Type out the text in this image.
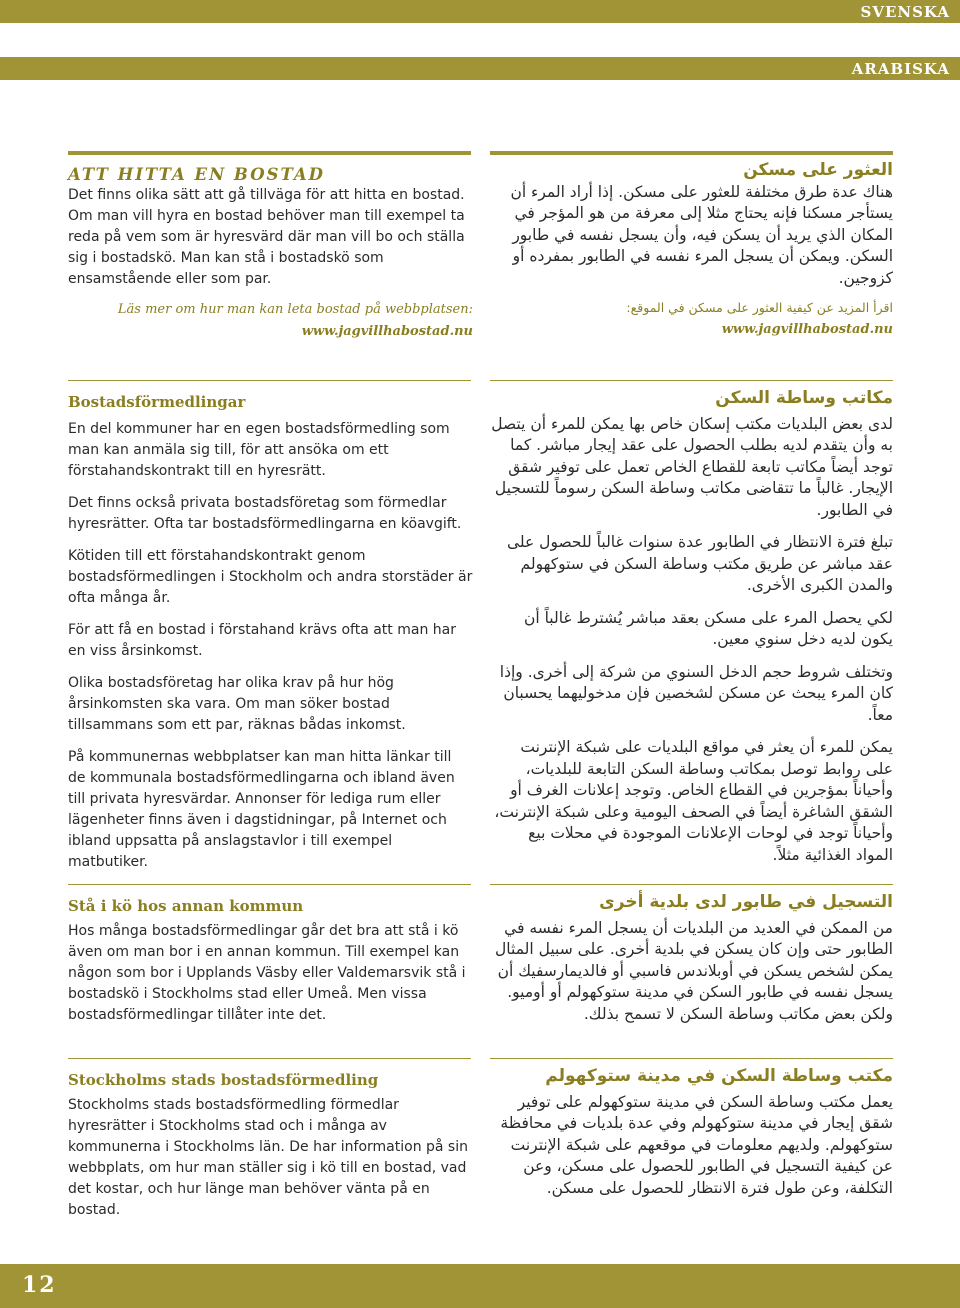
SVENSKA
ARABISKA
ATT HITTA EN BOSTAD

Det finns olika sätt att gå tillväga för att hitta en bostad. Om man vill hyra en bostad behöver man till exempel ta reda på vem som är hyresvärd där man vill bo och ställa sig i bostadskö. Man kan stå i bostadskö som ensamstående eller som par.

Läs mer om hur man kan leta bostad på webbplatsen:

www.jagvillhabostad.nu

العثور على مسكن

هناك عدة طرق مختلفة للعثور على مسكن. إذا أراد المرء أن يستأجر مسكنا فإنه يحتاج مثلا إلى معرفة من هو المؤجر في المكان الذي يريد أن يسكن فيه، وأن يسجل نفسه في طابور السكن. ويمكن أن يسجل المرء نفسه في الطابور بمفرده أو كزوجين.

اقرأ المزيد عن كيفية العثور على مسكن في الموقع:

www.jagvillhabostad.nu

Bostadsförmedlingar

En del kommuner har en egen bostadsförmedling som man kan anmäla sig till, för att ansöka om ett förstahandskontrakt till en hyresrätt.

Det finns också privata bostadsföretag som förmedlar hyresrätter. Ofta tar bostadsförmedlingarna en köavgift.

Kötiden till ett förstahandskontrakt genom bostadsförmedlingen i Stockholm och andra storstäder är ofta många år.

För att få en bostad i förstahand krävs ofta att man har en viss årsinkomst.

Olika bostadsföretag har olika krav på hur hög årsinkomsten ska vara. Om man söker bostad tillsammans som ett par, räknas bådas inkomst.

På kommunernas webbplatser kan man hitta länkar till de kommunala bostadsförmedlingarna och ibland även till privata hyresvärdar. Annonser för lediga rum eller lägenheter finns även i dagstidningar, på Internet och ibland uppsatta på anslagstavlor i till exempel matbutiker.

مكاتب وساطة السكن

لدى بعض البلديات مكتب إسكان خاص بها يمكن للمرء أن يتصل به وأن يتقدم لديه بطلب الحصول على عقد إيجار مباشر. كما توجد أيضاً مكاتب تابعة للقطاع الخاص تعمل على توفير شقق الإيجار. غالباً ما تتقاضى مكاتب وساطة السكن رسوماً للتسجيل في الطابور.

تبلغ فترة الانتظار في الطابور عدة سنوات غالباً للحصول على عقد مباشر عن طريق مكتب وساطة السكن في ستوكهولم والمدن الكبرى الأخرى.

لكي يحصل المرء على مسكن بعقد مباشر يُشترط غالباً أن يكون لديه دخل سنوي معين.

وتختلف شروط حجم الدخل السنوي من شركة إلى أخرى. وإذا كان المرء يبحث عن مسكن لشخصين فإن مدخوليهما يحسبان معاً.

يمكن للمرء أن يعثر في مواقع البلديات على شبكة الإنترنت على روابط توصل بمكاتب وساطة السكن التابعة للبلديات، وأحياناً بمؤجرين في القطاع الخاص. وتوجد إعلانات الغرف أو الشقق الشاغرة أيضاً في الصحف اليومية وعلى شبكة الإنترنت، وأحياناً توجد في لوحات الإعلانات الموجودة في محلات بيع المواد الغذائية مثلاً.

Stå i kö hos annan kommun

Hos många bostadsförmedlingar går det bra att stå i kö även om man bor i en annan kommun. Till exempel kan någon som bor i Upplands Väsby eller Valdemarsvik stå i bostadskö i Stockholms stad eller Umeå. Men vissa bostadsförmedlingar tillåter inte det.

التسجيل في طابور لدى بلدية أخرى

من الممكن في العديد من البلديات أن يسجل المرء نفسه في الطابور حتى وإن كان يسكن في بلدية أخرى. على سبيل المثال يمكن لشخص يسكن في أوبلاندس فاسبي أو فالديمارسفيك أن يسجل نفسه في طابور السكن في مدينة ستوكهولم أو أوميو. ولكن بعض مكاتب وساطة السكن لا تسمح بذلك.

Stockholms stads bostadsförmedling

Stockholms stads bostadsförmedling förmedlar hyresrätter i Stockholms stad och i många av kommunerna i Stockholms län. De har information på sin webbplats, om hur man ställer sig i kö till en bostad, vad det kostar, och hur länge man behöver vänta på en bostad.

مكتب وساطة السكن في مدينة ستوكهولم

يعمل مكتب وساطة السكن في مدينة ستوكهولم على توفير شقق إيجار في مدينة ستوكهولم وفي عدة بلديات في محافظة ستوكهولم. ولديهم معلومات في موقعهم على شبكة الإنترنت عن كيفية التسجيل في الطابور للحصول على مسكن، وعن التكلفة، وعن طول فترة الانتظار للحصول على مسكن.

12
